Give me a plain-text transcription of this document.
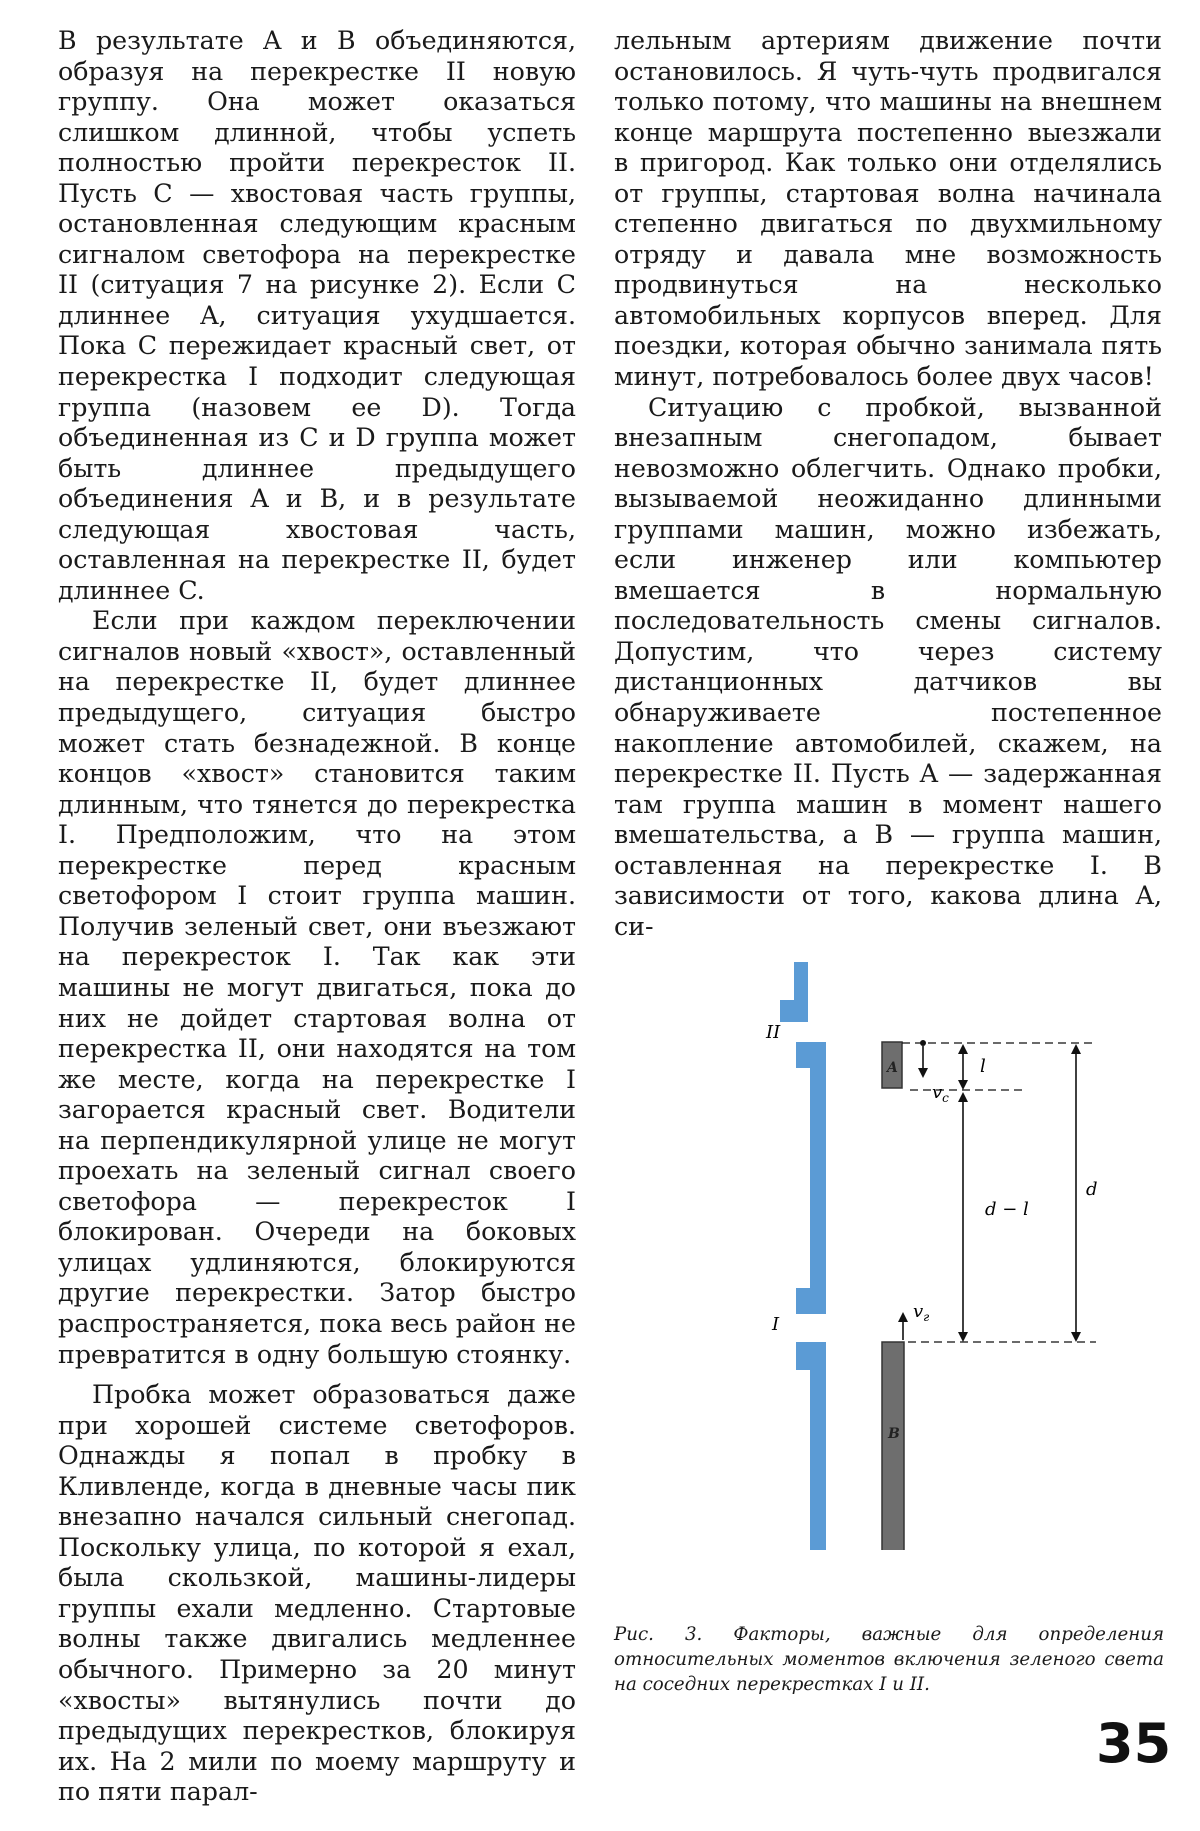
В результате A и B объединяются, образуя на перекрестке II новую группу. Она может оказаться слишком длинной, чтобы успеть полностью пройти перекресток II. Пусть C — хвостовая часть группы, остановленная следующим красным сигналом светофора на перекрестке II (ситуация 7 на рисунке 2). Если C длиннее A, ситуация ухудшается. Пока C пережидает красный свет, от перекрестка I подходит следующая группа (назовем ее D). Тогда объединенная из C и D группа может быть длиннее предыдущего объединения A и B, и в результате следующая хвостовая часть, оставленная на перекрестке II, будет длиннее C.

Если при каждом переключении сигналов новый «хвост», оставленный на перекрестке II, будет длиннее предыдущего, ситуация быстро может стать безнадежной. В конце концов «хвост» становится таким длинным, что тянется до перекрестка I. Предположим, что на этом перекрестке перед красным светофором I стоит группа машин. Получив зеленый свет, они въезжают на перекресток I. Так как эти машины не могут двигаться, пока до них не дойдет стартовая волна от перекрестка II, они находятся на том же месте, когда на перекрестке I загорается красный свет. Водители на перпендикулярной улице не могут проехать на зеленый сигнал своего светофора — перекресток I блокирован. Очереди на боковых улицах удлиняются, блокируются другие перекрестки. Затор быстро распространяется, пока весь район не превратится в одну большую стоянку.

Пробка может образоваться даже при хорошей системе светофоров. Однажды я попал в пробку в Кливленде, когда в дневные часы пик внезапно начался сильный снегопад. Поскольку улица, по которой я ехал, была скользкой, машины-лидеры группы ехали медленно. Стартовые волны также двигались медленнее обычного. Примерно за 20 минут «хвосты» вытянулись почти до предыдущих перекрестков, блокируя их. На 2 мили по моему маршруту и по пяти парал-

лельным артериям движение почти остановилось. Я чуть-чуть продвигался только потому, что машины на внешнем конце маршрута постепенно выезжали в пригород. Как только они отделялись от группы, стартовая волна начинала степенно двигаться по двухмильному отряду и давала мне возможность продвинуться на несколько автомобильных корпусов вперед. Для поездки, которая обычно занимала пять минут, потребовалось более двух часов!

Ситуацию с пробкой, вызванной внезапным снегопадом, бывает невозможно облегчить. Однако пробки, вызываемой неожиданно длинными группами машин, можно избежать, если инженер или компьютер вмешается в нормальную последовательность смены сигналов. Допустим, что через систему дистанционных датчиков вы обнаруживаете постепенное накопление автомобилей, скажем, на перекрестке II. Пусть A — задержанная там группа машин в момент нашего вмешательства, a B — группа машин, оставленная на перекрестке I. В зависимости от того, какова длина A, си-

II
I
A
B
l
$v_c$
$v_г$
d − l
d
Рис. 3. Факторы, важные для определения относительных моментов включения зеленого света на соседних перекрестках I и II.
35
